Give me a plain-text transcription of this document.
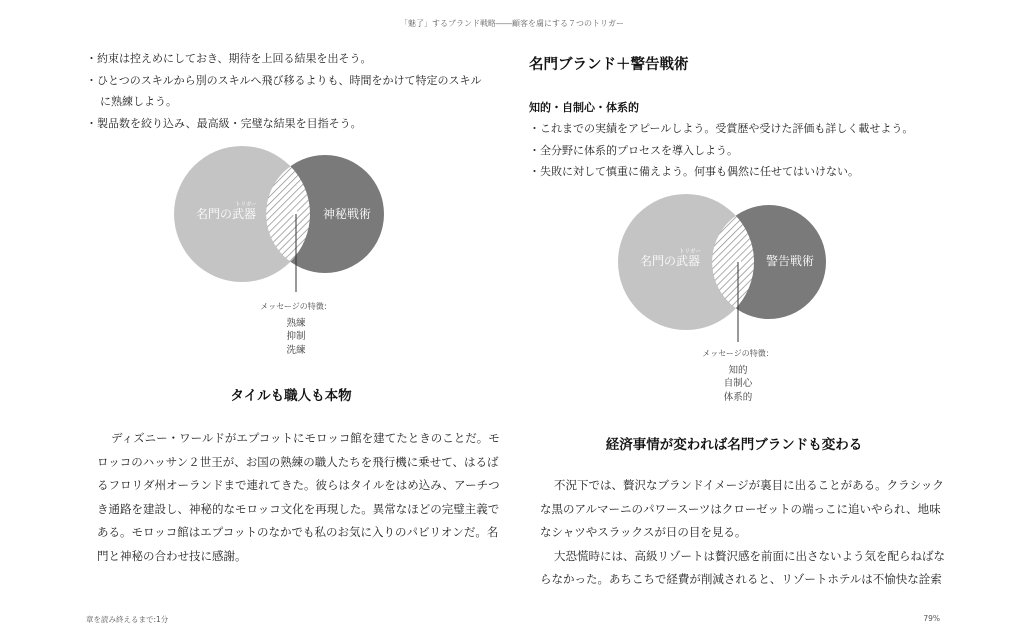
「魅了」するブランド戦略――顧客を虜にする７つのトリガー
・約束は控えめにしておき、期待を上回る結果を出そう。
・ひとつのスキルから別のスキルへ飛び移るよりも、時間をかけて特定のスキル
に熟練しよう。
・製品数を絞り込み、最高級・完璧な結果を目指そう。
トリガー
名門の武器	神秘戦術
メッセージの特徴：
熟練
抑制
洗練
タイルも職人も本物
ディズニー・ワールドがエプコットにモロッコ館を建てたときのことだ。モ
ロッコのハッサン２世王が、お国の熟練の職人たちを飛行機に乗せて、はるば
るフロリダ州オーランドまで連れてきた。彼らはタイルをはめ込み、アーチつ
き通路を建設し、神秘的なモロッコ文化を再現した。異常なほどの完璧主義で
ある。モロッコ館はエプコットのなかでも私のお気に入りのパビリオンだ。名
門と神秘の合わせ技に感謝。
名門ブランド＋警告戦術
知的・自制心・体系的
・これまでの実績をアピールしよう。受賞歴や受けた評価も詳しく載せよう。
・全分野に体系的プロセスを導入しよう。
・失敗に対して慎重に備えよう。何事も偶然に任せてはいけない。
トリガー
名門の武器	警告戦術
メッセージの特徴：
知的
自制心
体系的
経済事情が変われば名門ブランドも変わる
不況下では、贅沢なブランドイメージが裏目に出ることがある。クラシック
な黒のアルマーニのパワースーツはクローゼットの端っこに追いやられ、地味
なシャツやスラックスが日の目を見る。
大恐慌時には、高級リゾートは贅沢感を前面に出さないよう気を配らねばな
らなかった。あちこちで経費が削減されると、リゾートホテルは不愉快な詮索
章を読み終えるまで:1分	79%
